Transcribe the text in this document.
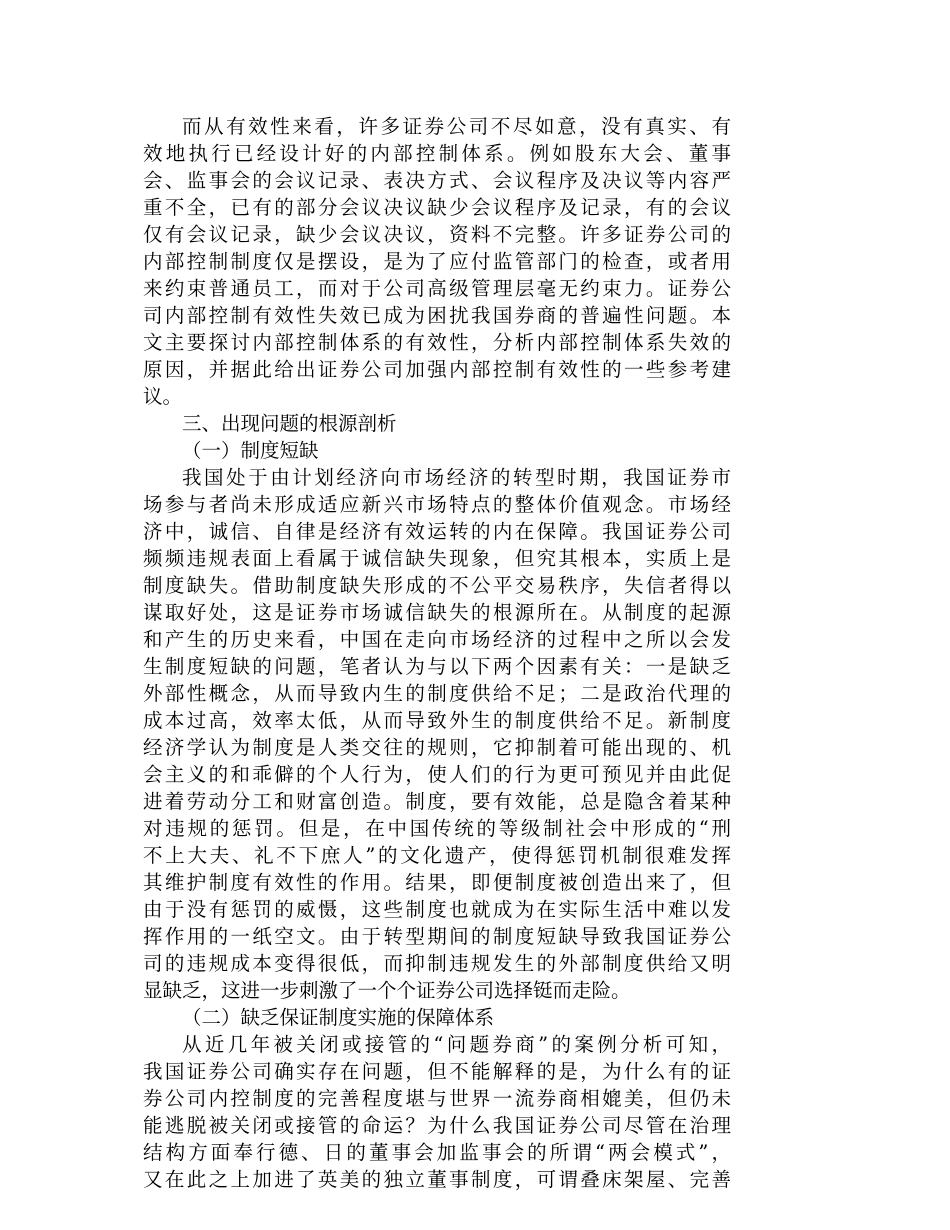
而从有效性来看，许多证券公司不尽如意，没有真实、有
效地执行已经设计好的内部控制体系。例如股东大会、董事
会、监事会的会议记录、表决方式、会议程序及决议等内容严
重不全，已有的部分会议决议缺少会议程序及记录，有的会议
仅有会议记录，缺少会议决议，资料不完整。许多证券公司的
内部控制制度仅是摆设，是为了应付监管部门的检查，或者用
来约束普通员工，而对于公司高级管理层毫无约束力。证券公
司内部控制有效性失效已成为困扰我国券商的普遍性问题。本
文主要探讨内部控制体系的有效性，分析内部控制体系失效的
原因，并据此给出证券公司加强内部控制有效性的一些参考建
议。

三、出现问题的根源剖析

（一）制度短缺

我国处于由计划经济向市场经济的转型时期，我国证券市
场参与者尚未形成适应新兴市场特点的整体价值观念。市场经
济中，诚信、自律是经济有效运转的内在保障。我国证券公司
频频违规表面上看属于诚信缺失现象，但究其根本，实质上是
制度缺失。借助制度缺失形成的不公平交易秩序，失信者得以
谋取好处，这是证券市场诚信缺失的根源所在。从制度的起源
和产生的历史来看，中国在走向市场经济的过程中之所以会发
生制度短缺的问题，笔者认为与以下两个因素有关：一是缺乏
外部性概念，从而导致内生的制度供给不足；二是政治代理的
成本过高，效率太低，从而导致外生的制度供给不足。新制度
经济学认为制度是人类交往的规则，它抑制着可能出现的、机
会主义的和乖僻的个人行为，使人们的行为更可预见并由此促
进着劳动分工和财富创造。制度，要有效能，总是隐含着某种
对违规的惩罚。但是，在中国传统的等级制社会中形成的“刑
不上大夫、礼不下庶人”的文化遗产，使得惩罚机制很难发挥
其维护制度有效性的作用。结果，即便制度被创造出来了，但
由于没有惩罚的威慑，这些制度也就成为在实际生活中难以发
挥作用的一纸空文。由于转型期间的制度短缺导致我国证券公
司的违规成本变得很低，而抑制违规发生的外部制度供给又明
显缺乏，这进一步刺激了一个个证券公司选择铤而走险。

（二）缺乏保证制度实施的保障体系

从近几年被关闭或接管的“问题券商”的案例分析可知，
我国证券公司确实存在问题，但不能解释的是，为什么有的证
券公司内控制度的完善程度堪与世界一流券商相媲美，但仍未
能逃脱被关闭或接管的命运？为什么我国证券公司尽管在治理
结构方面奉行德、日的董事会加监事会的所谓“两会模式”，
又在此之上加进了英美的独立董事制度，可谓叠床架屋、完善
